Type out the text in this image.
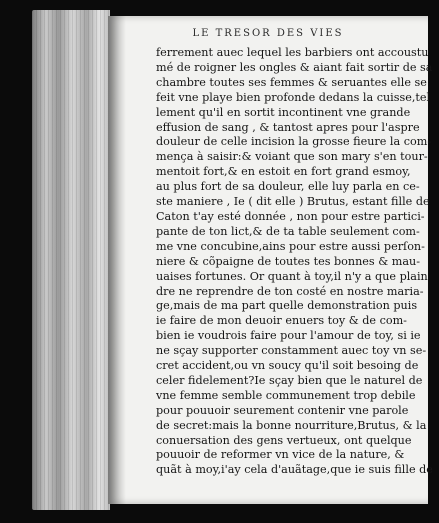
LE TRESOR DES VIES
ferrement auec lequel les barbiers ont accoustu
mé de roigner les ongles & aiant fait sortir de sa
chambre toutes ses femmes & seruantes elle se
feit vne playe bien profonde dedans la cuisse,tel
lement qu'il en sortit incontinent vne grande
effusion de sang , & tantost apres pour l'aspre
douleur de celle incision la grosse fieure la com-
mença à saisir:& voiant que son mary s'en tour-
mentoit fort,& en estoit en fort grand esmoy,
au plus fort de sa douleur, elle luy parla en ce-
ste maniere , Ie ( dit elle ) Brutus, estant fille de
Caton t'ay esté donnée , non pour estre partici-
pante de ton lict,& de ta table seulement com-
me vne concubine,ains pour estre aussi perſon-
niere & cõpaigne de toutes tes bonnes & mau-
uaises fortunes. Or quant à toy,il n'y a que plain
dre ne reprendre de ton costé en nostre maria-
ge,mais de ma part quelle demonstration puis
ie faire de mon deuoir enuers toy & de com-
bien ie voudrois faire pour l'amour de toy, si ie
ne sçay supporter constamment auec toy vn se-
cret accident,ou vn soucy qu'il soit besoing de
celer fidelement?Ie sçay bien que le naturel de
vne femme semble communement trop debile
pour pouuoir seurement contenir vne parole
de secret:mais la bonne nourriture,Brutus, & la
conuersation des gens vertueux, ont quelque
pouuoir de reformer vn vice de la nature, &
quãt à moy,i'ay cela d'auãtage,que ie suis fille de
